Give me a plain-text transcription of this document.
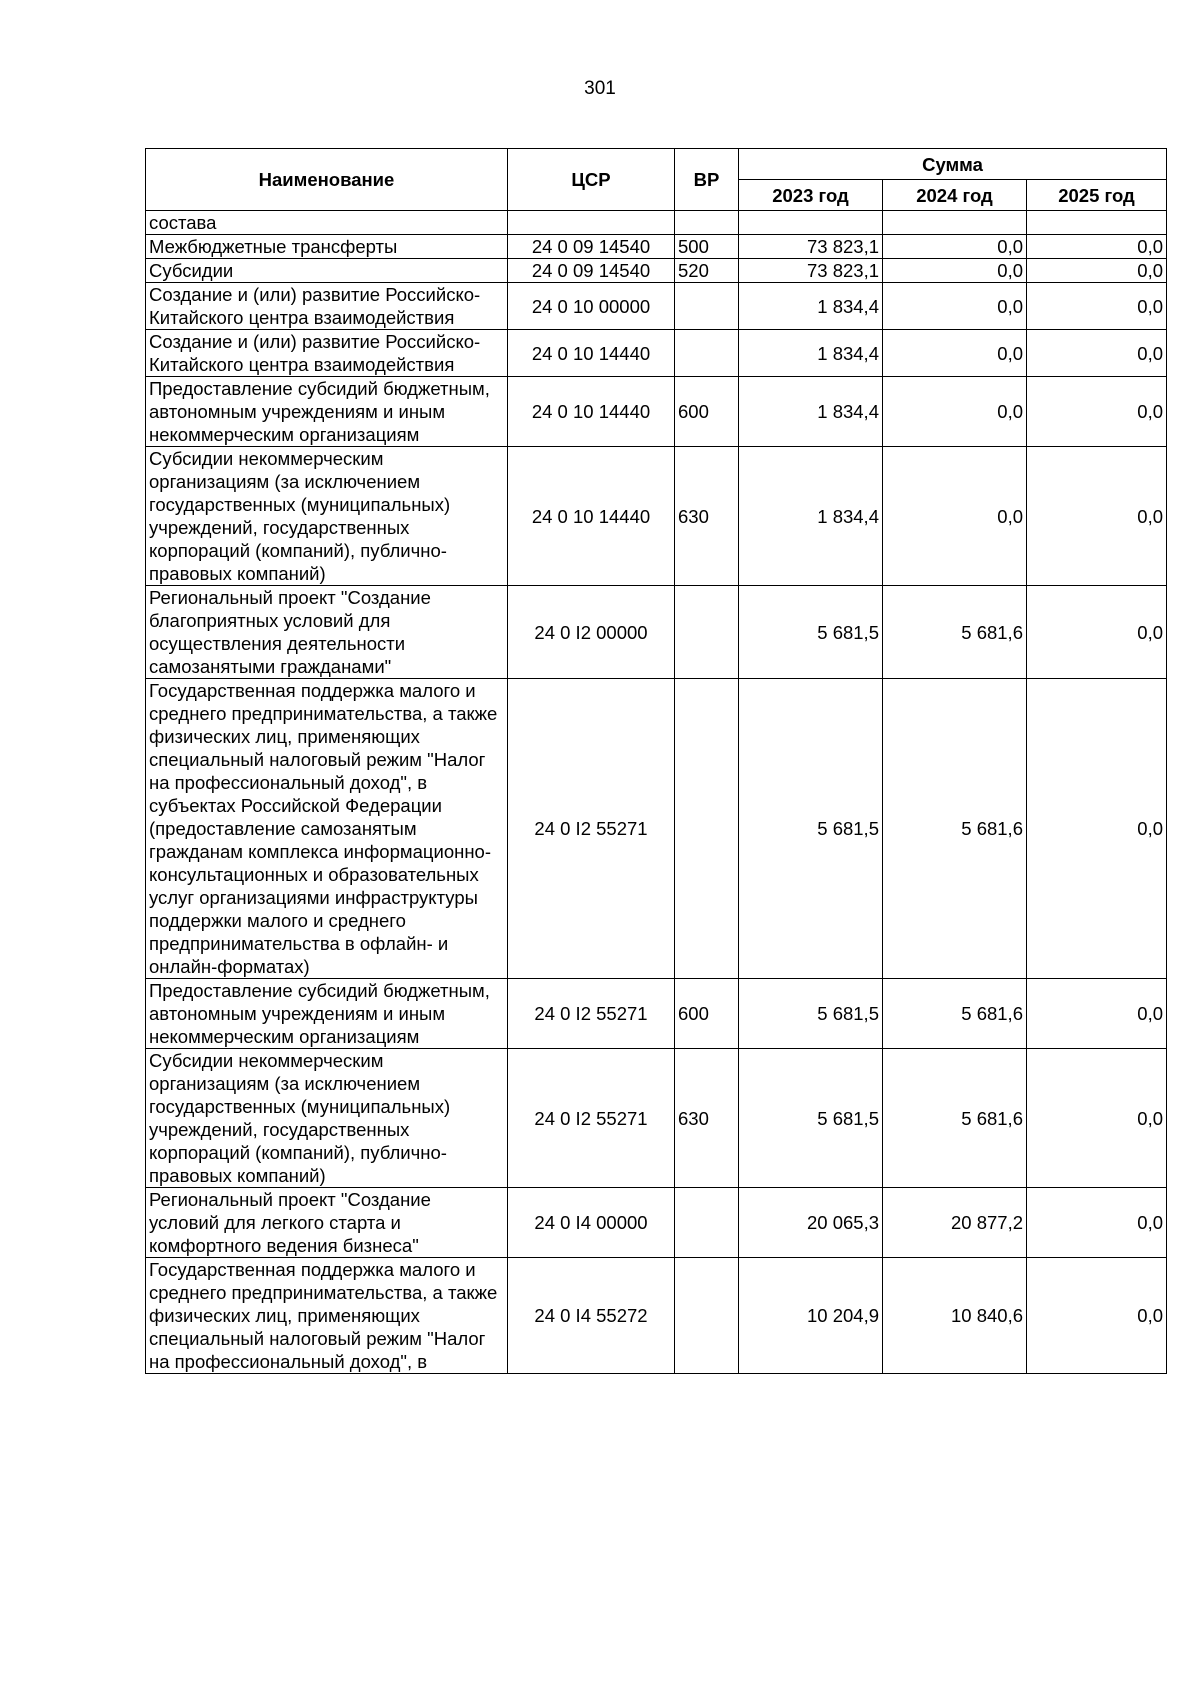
301
Наименование	ЦСР	ВР	Сумма		
			2023 год	2024 год	2025 год
состава					
Межбюджетные трансферты	24 0 09 14540	500	73 823,1	0,0	0,0
Субсидии	24 0 09 14540	520	73 823,1	0,0	0,0
Создание и (или) развитие Российско-Китайского центра взаимодействия	24 0 10 00000		1 834,4	0,0	0,0
Создание и (или) развитие Российско-Китайского центра взаимодействия	24 0 10 14440		1 834,4	0,0	0,0
Предоставление субсидий бюджетным, автономным учреждениям и иным некоммерческим организациям	24 0 10 14440	600	1 834,4	0,0	0,0
Субсидии некоммерческим организациям (за исключением государственных (муниципальных) учреждений, государственных корпораций (компаний), публично-правовых компаний)	24 0 10 14440	630	1 834,4	0,0	0,0
Региональный проект "Создание благоприятных условий для осуществления деятельности самозанятыми гражданами"	24 0 I2 00000		5 681,5	5 681,6	0,0
Государственная поддержка малого и среднего предпринимательства, а также физических лиц, применяющих специальный налоговый режим "Налог на профессиональный доход", в субъектах Российской Федерации (предоставление самозанятым гражданам комплекса информационно-консультационных и образовательных услуг организациями инфраструктуры поддержки малого и среднего предпринимательства в офлайн- и онлайн-форматах)	24 0 I2 55271		5 681,5	5 681,6	0,0
Предоставление субсидий бюджетным, автономным учреждениям и иным некоммерческим организациям	24 0 I2 55271	600	5 681,5	5 681,6	0,0
Субсидии некоммерческим организациям (за исключением государственных (муниципальных) учреждений, государственных корпораций (компаний), публично-правовых компаний)	24 0 I2 55271	630	5 681,5	5 681,6	0,0
Региональный проект "Создание условий для легкого старта и комфортного ведения бизнеса"	24 0 I4 00000		20 065,3	20 877,2	0,0
Государственная поддержка малого и среднего предпринимательства, а также физических лиц, применяющих специальный налоговый режим "Налог на профессиональный доход", в	24 0 I4 55272		10 204,9	10 840,6	0,0
